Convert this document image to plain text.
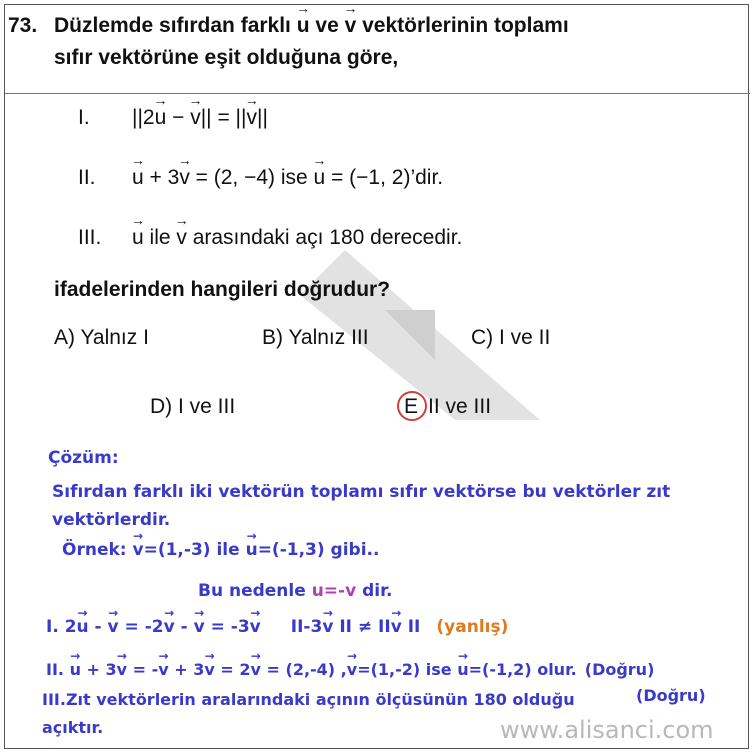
73. Düzlemde sıfırdan farklı → u ve → v vektörlerinin toplamı
sıfır vektörüne eşit olduğuna göre,
I. ||2→ u − → v|| = ||→ v||
II. → u + 3→ v = (2, −4) ise → u = (−1, 2)’dir.
III. → u ile → v arasındaki açı 180 derecedir.
ifadelerinden hangileri doğrudur?
A) Yalnız I	B) Yalnız III	C) I ve II
D) I ve III	E II ve III
Çözüm:
Sıfırdan farklı iki vektörün toplamı sıfır vektörse bu vektörler zıt
vektörlerdir.
Örnek: → v=(1,-3) ile → u=(-1,3) gibi..
Bu nedenle u=-v dir.
I. 2→ u - → v = -2→ v - → v = -3→ v II-3→ v II ≠ II→ v II (yanlış)
II. → u + 3→ v = -→ v + 3→ v = 2→ v = (2,-4) ,→ v=(1,-2) ise → u=(-1,2) olur. (Doğru)
III.Zıt vektörlerin aralarındaki açının ölçüsünün 180 olduğu	(Doğru)
açıktır.	www.alisanci.com
